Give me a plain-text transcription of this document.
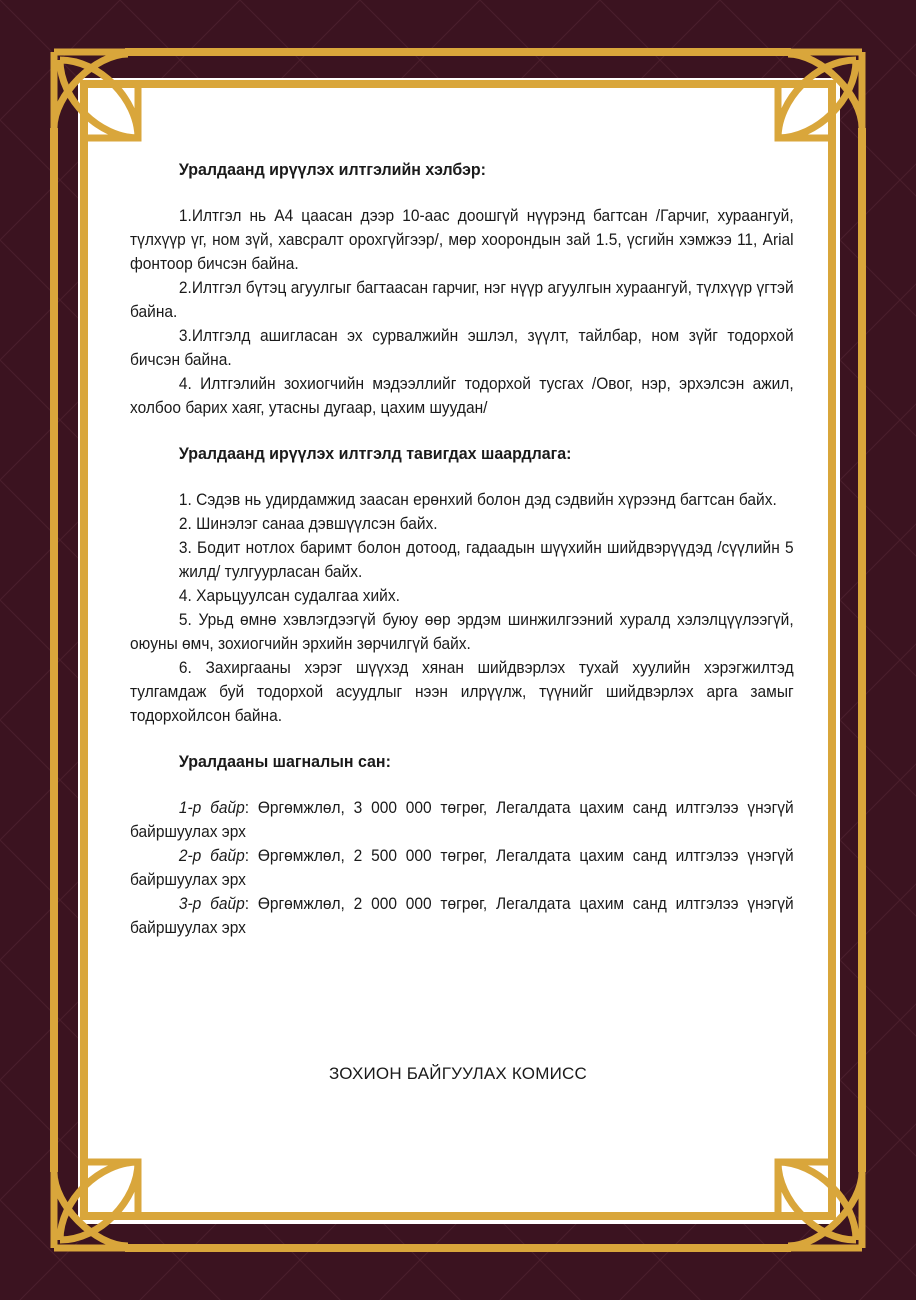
Уралдаанд ирүүлэх илтгэлийн хэлбэр:

1.Илтгэл нь А4 цаасан дээр 10-аас доошгүй нүүрэнд багтсан /Гарчиг, хураангуй, түлхүүр үг, ном зүй, хавсралт орохгүйгээр/, мөр хоорондын зай 1.5, үсгийн хэмжээ 11, Arial фонтоор бичсэн байна.

2.Илтгэл бүтэц агуулгыг багтаасан гарчиг, нэг нүүр агуулгын хураангуй, түлхүүр үгтэй байна.

3.Илтгэлд ашигласан эх сурвалжийн эшлэл, зүүлт, тайлбар, ном зүйг тодорхой бичсэн байна.

4. Илтгэлийн зохиогчийн мэдээллийг тодорхой тусгах /Овог, нэр, эрхэлсэн ажил, холбоо барих хаяг, утасны дугаар, цахим шуудан/

Уралдаанд ирүүлэх илтгэлд тавигдах шаардлага:

1. Сэдэв нь удирдамжид заасан ерөнхий болон дэд сэдвийн хүрээнд багтсан байх.

2. Шинэлэг санаа дэвшүүлсэн байх.

3. Бодит нотлох баримт болон дотоод, гадаадын шүүхийн шийдвэрүүдэд /сүүлийн 5 жилд/ тулгуурласан байх.

4. Харьцуулсан судалгаа хийх.

5. Урьд өмнө хэвлэгдээгүй буюу өөр эрдэм шинжилгээний хуралд хэлэлцүүлээгүй, оюуны өмч, зохиогчийн эрхийн зөрчилгүй байх.

6. Захиргааны хэрэг шүүхэд хянан шийдвэрлэх тухай хуулийн хэрэгжилтэд тулгамдаж буй тодорхой асуудлыг нээн илрүүлж, түүнийг шийдвэрлэх арга замыг тодорхойлсон байна.

Уралдааны шагналын сан:

1-р байр: Өргөмжлөл, 3 000 000 төгрөг, Легалдата цахим санд илтгэлээ үнэгүй байршуулах эрх

2-р байр: Өргөмжлөл, 2 500 000 төгрөг, Легалдата цахим санд илтгэлээ үнэгүй байршуулах эрх

3-р байр: Өргөмжлөл, 2 000 000 төгрөг, Легалдата цахим санд илтгэлээ үнэгүй байршуулах эрх

ЗОХИОН БАЙГУУЛАХ КОМИСС
